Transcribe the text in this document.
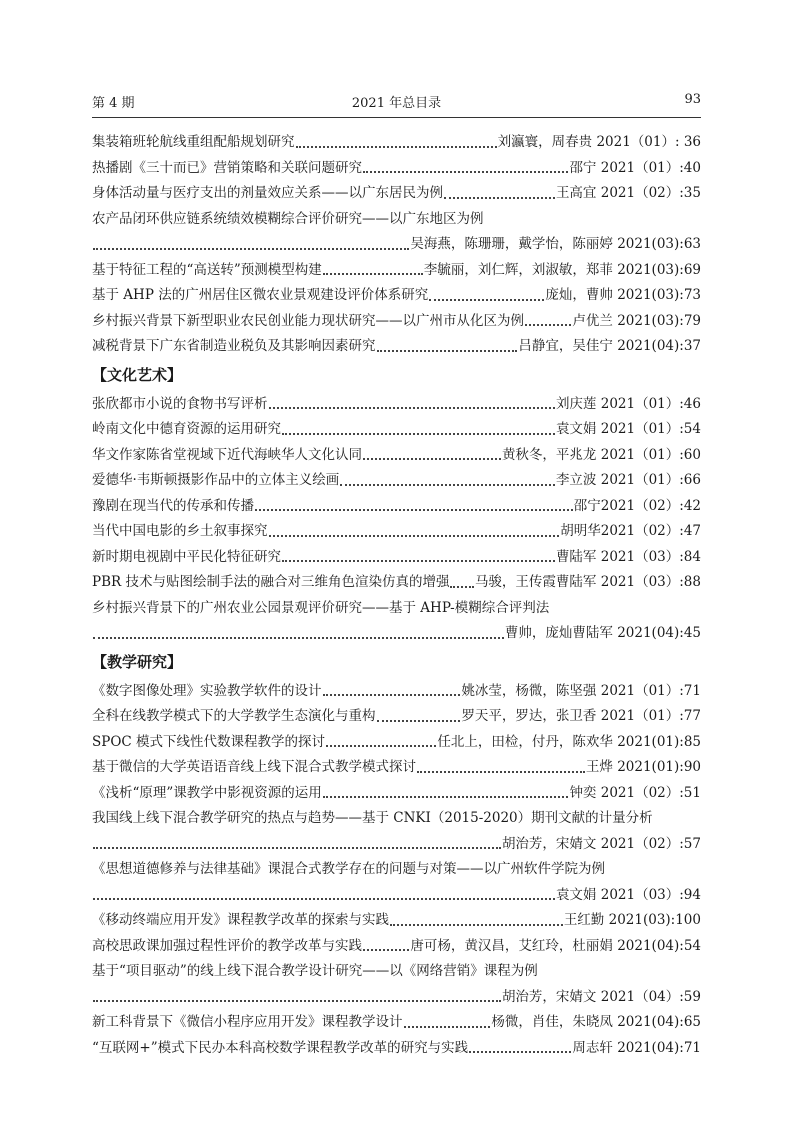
2021 年总目录
第 4 期	93
集装箱班轮航线重组配船规划研究	刘瀛寰，周春贵 2021（01）: 36
热播剧《三十而已》营销策略和关联问题研究	邵宁 2021（01）:40
身体活动量与医疗支出的剂量效应关系——以广东居民为例	王高宜 2021（02）:35
农产品闭环供应链系统绩效模糊综合评价研究——以广东地区为例
吴海燕，陈珊珊，戴学怡，陈丽婷 2021(03):63
基于特征工程的“高送转”预测模型构建	李毓丽，刘仁辉，刘淑敏，郑菲 2021(03):69
基于 AHP 法的广州居住区微农业景观建设评价体系研究	庞灿，曹帅 2021(03):73
乡村振兴背景下新型职业农民创业能力现状研究——以广州市从化区为例	卢优兰 2021(03):79
减税背景下广东省制造业税负及其影响因素研究	吕静宜，吴佳宁 2021(04):37
【文化艺术】
张欣都市小说的食物书写评析	刘庆莲 2021（01）:46
岭南文化中德育资源的运用研究	袁文娟 2021（01）:54
华文作家陈省堂视域下近代海峡华人文化认同	黄秋冬，平兆龙 2021（01）:60
爱德华·韦斯顿摄影作品中的立体主义绘画	李立波 2021（01）:66
豫剧在现当代的传承和传播	邵宁2021（02）:42
当代中国电影的乡土叙事探究	胡明华2021（02）:47
新时期电视剧中平民化特征研究	曹陆军 2021（03）:84
PBR 技术与贴图绘制手法的融合对三维角色渲染仿真的增强 马骏，王传霞曹陆军 2021（03）:88
乡村振兴背景下的广州农业公园景观评价研究——基于 AHP-模糊综合评判法
曹帅，庞灿曹陆军 2021(04):45
【教学研究】
《数字图像处理》实验教学软件的设计	姚冰莹，杨微，陈坚强 2021（01）:71
全科在线教学模式下的大学教学生态演化与重构	罗天平，罗达，张卫香 2021（01）:77
SPOC 模式下线性代数课程教学的探讨	任北上，田检，付丹，陈欢华 2021(01):85
基于微信的大学英语语音线上线下混合式教学模式探讨	王烨 2021(01):90
《浅析“原理”课教学中影视资源的运用	钟奕 2021（02）:51
我国线上线下混合教学研究的热点与趋势——基于 CNKI（2015-2020）期刊文献的计量分析
胡治芳，宋婧文 2021（02）:57
《思想道德修养与法律基础》课混合式教学存在的问题与对策——以广州软件学院为例
袁文娟 2021（03）:94
《移动终端应用开发》课程教学改革的探索与实践	王红勤 2021(03):100
高校思政课加强过程性评价的教学改革与实践	唐可杨，黄汉昌，艾红玲，杜丽娟 2021(04):54
基于“项目驱动”的线上线下混合教学设计研究——以《网络营销》课程为例
胡治芳，宋婧文 2021（04）:59
新工科背景下《微信小程序应用开发》课程教学设计	杨微，肖佳，朱晓凤 2021(04):65
“互联网+”模式下民办本科高校数学课程教学改革的研究与实践	周志轩 2021(04):71
